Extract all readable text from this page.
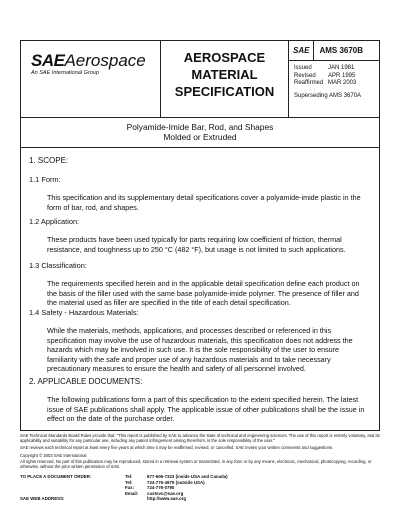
SAEAerospace
An SAE International Group
AEROSPACE
MATERIAL
SPECIFICATION
SAE	AMS 3670B
Issued	JAN 1981
Revised	APR 1995
Reaffirmed MAR 2003
Superseding AMS 3670A
Polyamide-Imide Bar, Rod, and Shapes
Molded or Extruded
1. SCOPE:
1.1 Form:
This specification and its supplementary detail specifications cover a polyamide-imide plastic in the form of bar, rod, and shapes.
1.2 Application:
These products have been used typically for parts requiring low coefficient of friction, thermal resistance, and toughness up to 250 °C (482 °F), but usage is not limited to such applications.
1.3 Classification:
The requirements specified herein and in the applicable detail specification define each product on the basis of the filler used with the same base polyamide-imide polymer. The presence of filler and the material used as filler are specified in the title of each detail specification.
1.4 Safety - Hazardous Materials:
While the materials, methods, applications, and processes described or referenced in this specification may involve the use of hazardous materials, this specification does not address the hazards which may be involved in such use. It is the sole responsibility of the user to ensure familiarity with the safe and proper use of any hazardous materials and to take necessary precautionary measures to ensure the health and safety of all personnel involved.
2. APPLICABLE DOCUMENTS:
The following publications form a part of this specification to the extent specified herein. The latest issue of SAE publications shall apply. The applicable issue of other publications shall be the issue in effect on the date of the purchase order.
SAE Technical Standards Board Rules provide that: "This report is published by SAE to advance the state of technical and engineering sciences. The use of this report is entirely voluntary, and its applicability and suitability for any particular use, including any patent infringement arising therefrom, is the sole responsibility of the user."
SAE reviews each technical report at least every five years at which time it may be reaffirmed, revised, or cancelled. SAE invites your written comments and suggestions.
Copyright © 2003 SAE International
All rights reserved. No part of this publication may be reproduced, stored in a retrieval system or transmitted, in any form or by any means, electronic, mechanical, photocopying, recording, or otherwise, without the prior written permission of SAE.
TO PLACE A DOCUMENT ORDER:	Tel:	877-606-7323 (inside USA and Canada)
Tel:	724-776-4970 (outside USA)
Fax:	724-776-0790
Email:	custsvc@sae.org
SAE WEB ADDRESS:	http://www.sae.org
